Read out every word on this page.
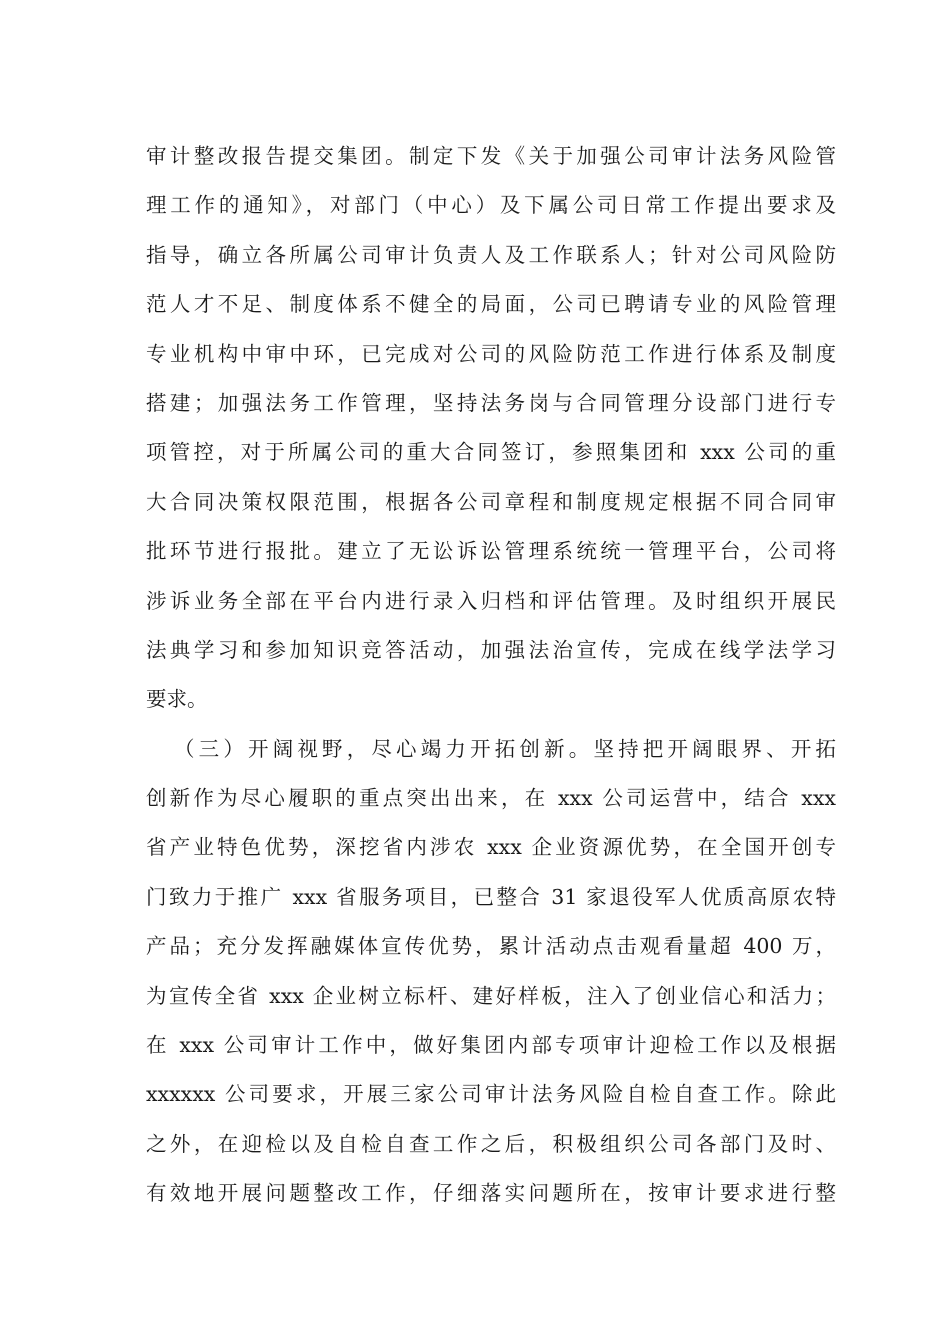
审计整改报告提交集团。制定下发《关于加强公司审计法务风险管
理工作的通知》，对部门（中心）及下属公司日常工作提出要求及
指导，确立各所属公司审计负责人及工作联系人；针对公司风险防
范人才不足、制度体系不健全的局面，公司已聘请专业的风险管理
专业机构中审中环，已完成对公司的风险防范工作进行体系及制度
搭建；加强法务工作管理，坚持法务岗与合同管理分设部门进行专
项管控，对于所属公司的重大合同签订，参照集团和 xxx 公司的重
大合同决策权限范围，根据各公司章程和制度规定根据不同合同审
批环节进行报批。建立了无讼诉讼管理系统统一管理平台，公司将
涉诉业务全部在平台内进行录入归档和评估管理。及时组织开展民
法典学习和参加知识竞答活动，加强法治宣传，完成在线学法学习
要求。
（三）开阔视野，尽心竭力开拓创新。坚持把开阔眼界、开拓
创新作为尽心履职的重点突出出来，在 xxx 公司运营中，结合 xxx
省产业特色优势，深挖省内涉农 xxx 企业资源优势，在全国开创专
门致力于推广 xxx 省服务项目，已整合 31 家退役军人优质高原农特
产品；充分发挥融媒体宣传优势，累计活动点击观看量超 400 万，
为宣传全省 xxx 企业树立标杆、建好样板，注入了创业信心和活力；
在 xxx 公司审计工作中，做好集团内部专项审计迎检工作以及根据
xxxxxx 公司要求，开展三家公司审计法务风险自检自查工作。除此
之外，在迎检以及自检自查工作之后，积极组织公司各部门及时、
有效地开展问题整改工作，仔细落实问题所在，按审计要求进行整
